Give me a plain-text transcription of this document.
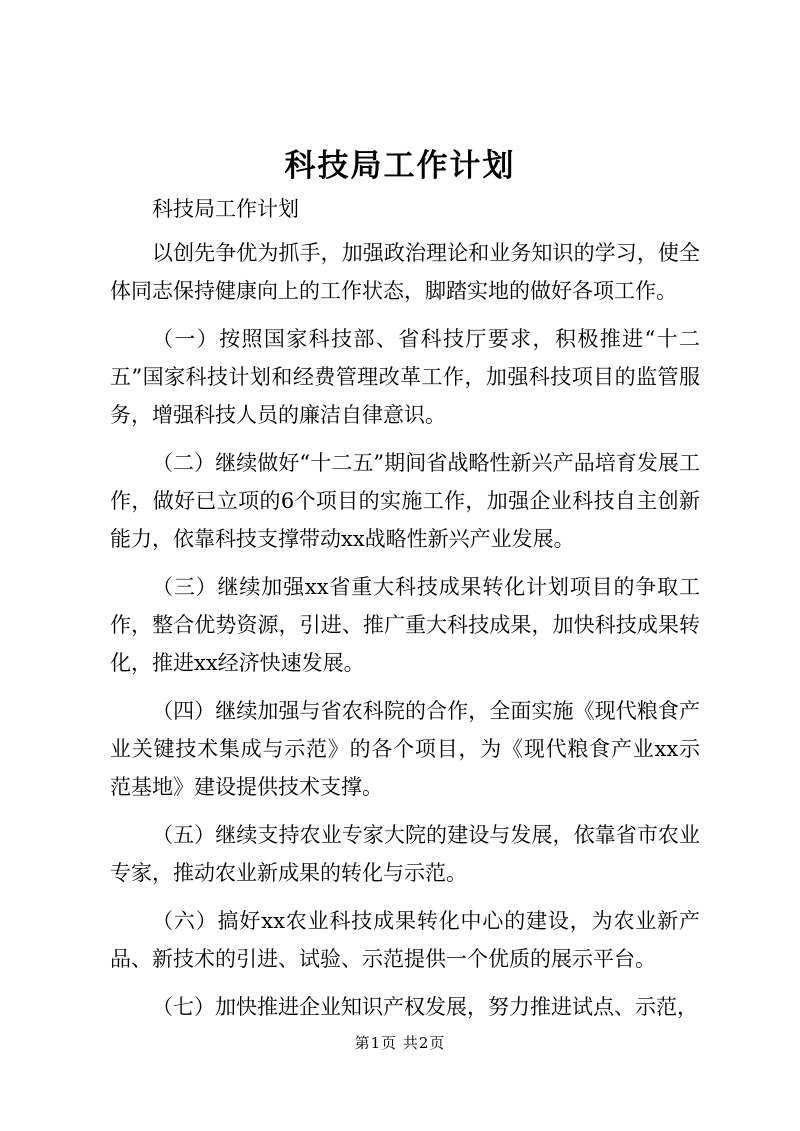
科技局工作计划

科技局工作计划

以创先争优为抓手，加强政治理论和业务知识的学习，使全体同志保持健康向上的工作状态，脚踏实地的做好各项工作。

（一）按照国家科技部、省科技厅要求，积极推进“十二五”国家科技计划和经费管理改革工作，加强科技项目的监管服务，增强科技人员的廉洁自律意识。

（二）继续做好“十二五”期间省战略性新兴产品培育发展工作，做好已立项的6个项目的实施工作，加强企业科技自主创新能力，依靠科技支撑带动xx战略性新兴产业发展。

（三）继续加强xx省重大科技成果转化计划项目的争取工作，整合优势资源，引进、推广重大科技成果，加快科技成果转化，推进xx经济快速发展。

（四）继续加强与省农科院的合作，全面实施《现代粮食产业关键技术集成与示范》的各个项目，为《现代粮食产业xx示范基地》建设提供技术支撑。

（五）继续支持农业专家大院的建设与发展，依靠省市农业专家，推动农业新成果的转化与示范。

（六）搞好xx农业科技成果转化中心的建设，为农业新产品、新技术的引进、试验、示范提供一个优质的展示平台。

（七）加快推进企业知识产权发展，努力推进试点、示范，

第1页 共2页
